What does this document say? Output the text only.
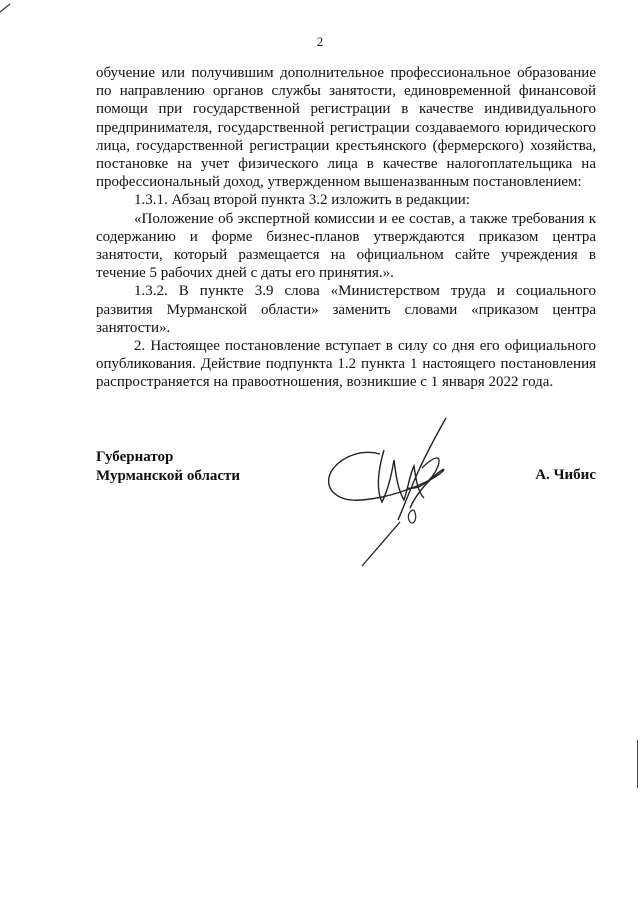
2

обучение или получившим дополнительное профессиональное образование по направлению органов службы занятости, единовременной финансовой помощи при государственной регистрации в качестве индивидуального предпринимателя, государственной регистрации создаваемого юридического лица, государственной регистрации крестьянского (фермерского) хозяйства, постановке на учет физического лица в качестве налогоплательщика на профессиональный доход, утвержденном вышеназванным постановлением:

1.3.1. Абзац второй пункта 3.2 изложить в редакции:

«Положение об экспертной комиссии и ее состав, а также требования к содержанию и форме бизнес-планов утверждаются приказом центра занятости, который размещается на официальном сайте учреждения в течение 5 рабочих дней с даты его принятия.».

1.3.2. В пункте 3.9 слова «Министерством труда и социального развития Мурманской области» заменить словами «приказом центра занятости».

2. Настоящее постановление вступает в силу со дня его официального опубликования. Действие подпункта 1.2 пункта 1 настоящего постановления распространяется на правоотношения, возникшие с 1 января 2022 года.

Губернатор
Мурманской области	А. Чибис
